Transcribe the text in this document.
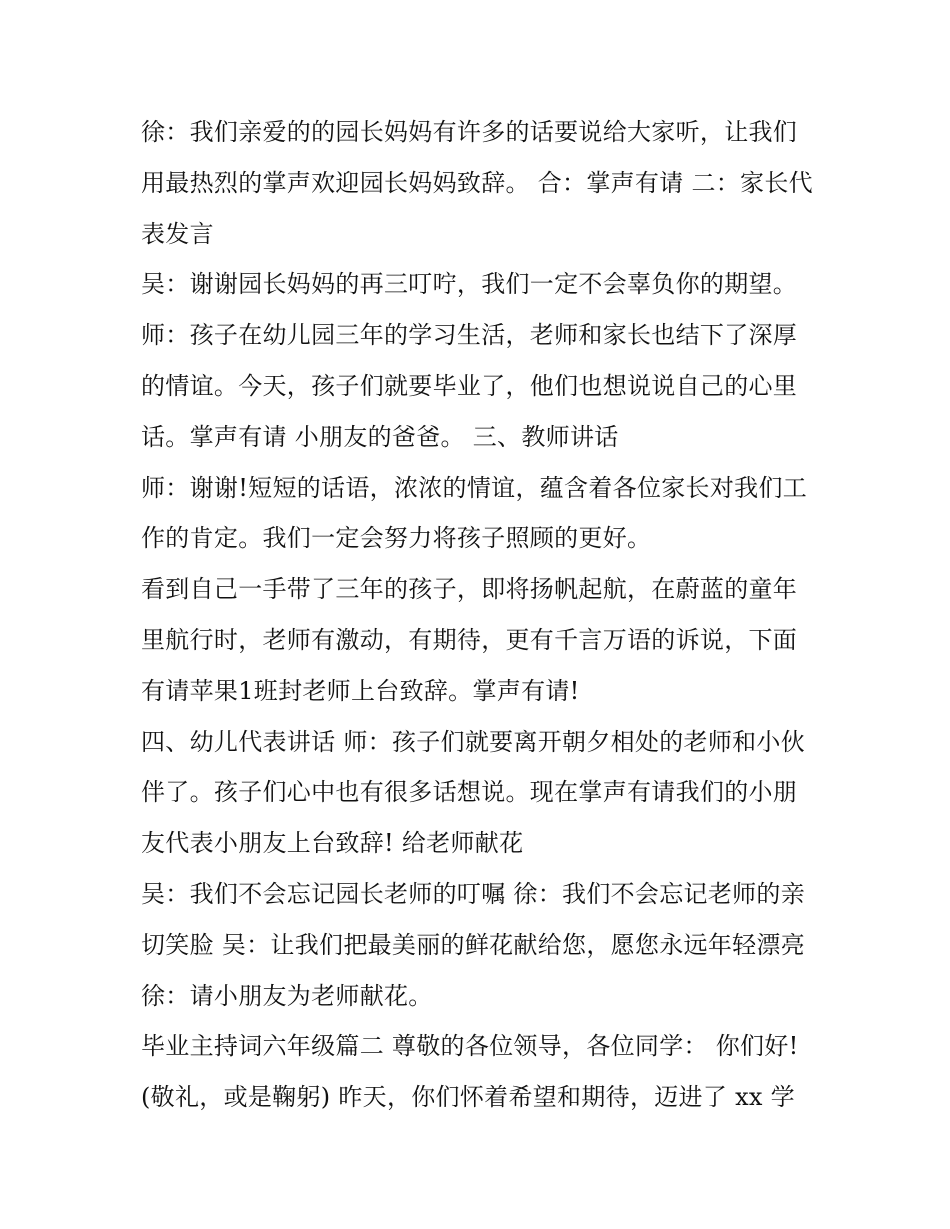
徐：我们亲爱的的园长妈妈有许多的话要说给大家听，让我们用最热烈的掌声欢迎园长妈妈致辞。 合：掌声有请 二：家长代表发言

吴：谢谢园长妈妈的再三叮咛，我们一定不会辜负你的期望。

师：孩子在幼儿园三年的学习生活，老师和家长也结下了深厚的情谊。今天，孩子们就要毕业了，他们也想说说自己的心里话。掌声有请 小朋友的爸爸。 三、教师讲话

师：谢谢!短短的话语，浓浓的情谊，蕴含着各位家长对我们工作的肯定。我们一定会努力将孩子照顾的更好。

看到自己一手带了三年的孩子，即将扬帆起航，在蔚蓝的童年里航行时，老师有激动，有期待，更有千言万语的诉说，下面有请苹果1班封老师上台致辞。掌声有请!

四、幼儿代表讲话 师：孩子们就要离开朝夕相处的老师和小伙伴了。孩子们心中也有很多话想说。现在掌声有请我们的小朋友代表小朋友上台致辞! 给老师献花

吴：我们不会忘记园长老师的叮嘱 徐：我们不会忘记老师的亲切笑脸 吴：让我们把最美丽的鲜花献给您，愿您永远年轻漂亮 徐：请小朋友为老师献花。

毕业主持词六年级篇二 尊敬的各位领导，各位同学： 你们好!(敬礼，或是鞠躬) 昨天，你们怀着希望和期待，迈进了 xx 学
